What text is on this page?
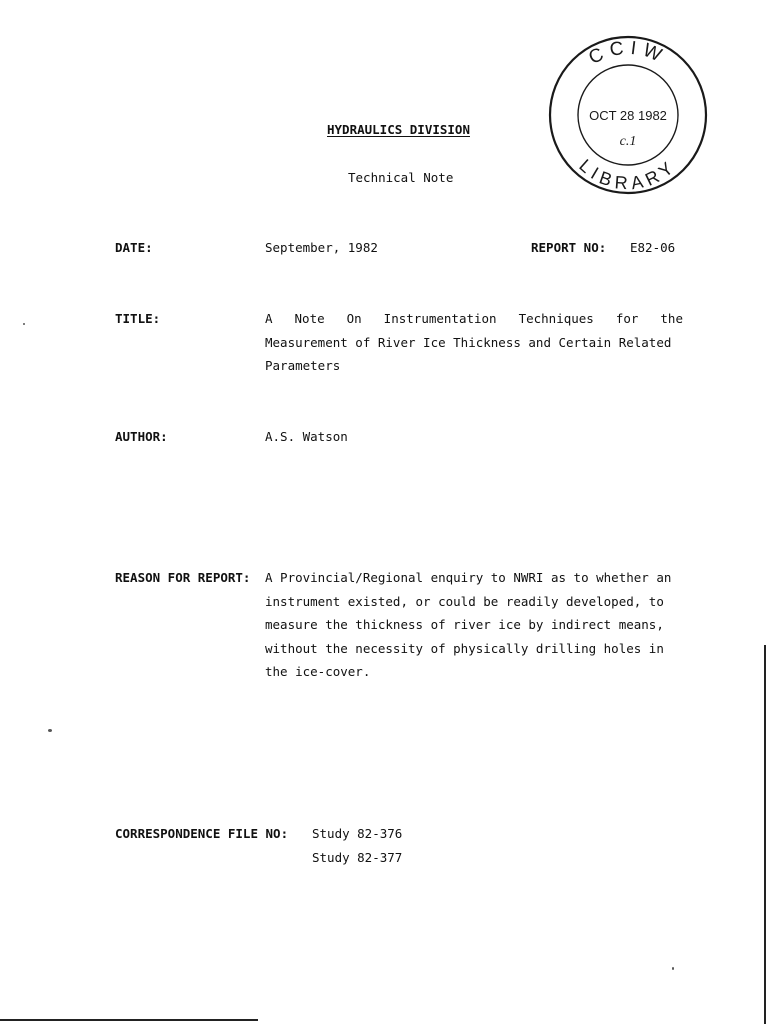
CCIW
LIBRARY
OCT 28 1982
c.1
HYDRAULICS DIVISION
Technical Note
DATE:	September, 1982	REPORT NO: E82-06
TITLE:	A Note On Instrumentation Techniques for the
Measurement of River Ice Thickness and Certain Related
Parameters
AUTHOR:	A.S. Watson
REASON FOR REPORT: A Provincial/Regional enquiry to NWRI as to whether an
instrument existed, or could be readily developed, to
measure the thickness of river ice by indirect means,
without the necessity of physically drilling holes in
the ice-cover.
CORRESPONDENCE FILE NO: Study 82-376
Study 82-377
